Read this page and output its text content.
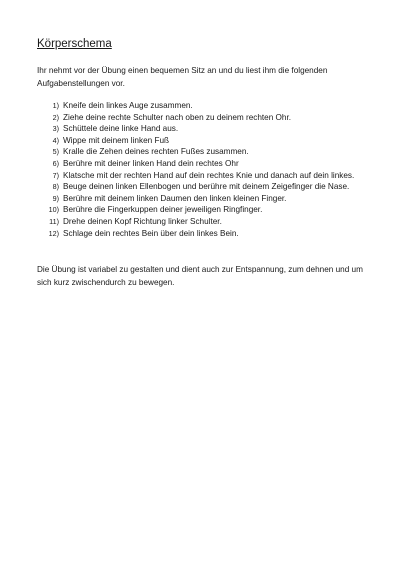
Körperschema

Ihr nehmt vor der Übung einen bequemen Sitz an und du liest ihm die folgenden Aufgabenstellungen vor.

1) Kneife dein linkes Auge zusammen.
2) Ziehe deine rechte Schulter nach oben zu deinem rechten Ohr.
3) Schüttele deine linke Hand aus.
4) Wippe mit deinem linken Fuß
5) Kralle die Zehen deines rechten Fußes zusammen.
6) Berühre mit deiner linken Hand dein rechtes Ohr
7) Klatsche mit der rechten Hand auf dein rechtes Knie und danach auf dein linkes.
8) Beuge deinen linken Ellenbogen und berühre mit deinem Zeigefinger die Nase.
9) Berühre mit deinem linken Daumen den linken kleinen Finger.
10) Berühre die Fingerkuppen deiner jeweiligen Ringfinger.
11) Drehe deinen Kopf Richtung linker Schulter.
12) Schlage dein rechtes Bein über dein linkes Bein.

Die Übung ist variabel zu gestalten und dient auch zur Entspannung, zum dehnen und um sich kurz zwischendurch zu bewegen.
